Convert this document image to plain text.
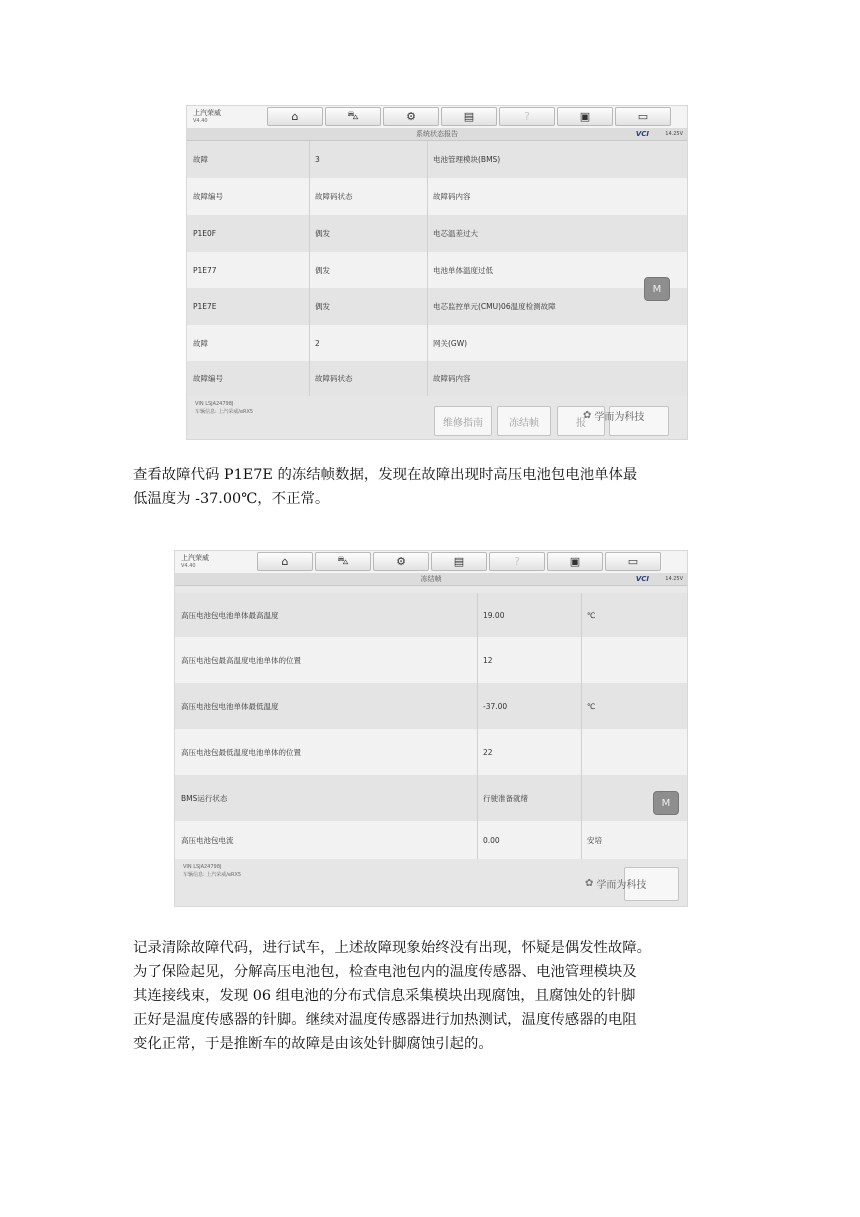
上汽荣威
V4.40	⌂	⛍	⚙	▤	?	▣	▭
系统状态报告	VCI	14.25V
故障	3	电池管理模块(BMS)
故障编号	故障码状态	故障码内容
P1E0F	偶发	电芯温差过大
P1E77	偶发	电池单体温度过低
P1E7E	偶发	电芯监控单元(CMU)06温度检测故障
故障	2	网关(GW)
故障编号	故障码状态	故障码内容
M
VIN LSJA24798J
车辆信息: 上汽荣威/eRX5
维修指南	冻结帧	报
✿ 学而为科技
查看故障代码 P1E7E 的冻结帧数据，发现在故障出现时高压电池包电池单体最
低温度为 -37.00℃，不正常。
上汽荣威
V4.40	⌂	⛍	⚙	▤	?	▣	▭
冻结帧	VCI	14.25V
高压电池包电池单体最高温度	19.00	℃
高压电池包最高温度电池单体的位置	12
高压电池包电池单体最低温度	-37.00	℃
高压电池包最低温度电池单体的位置	22
BMS运行状态	行驶准备就绪
高压电池包电流	0.00	安培
M
VIN LSJA24798J
车辆信息: 上汽荣威/eRX5
✿ 学而为科技
记录清除故障代码，进行试车，上述故障现象始终没有出现，怀疑是偶发性故障。
为了保险起见，分解高压电池包，检查电池包内的温度传感器、电池管理模块及
其连接线束，发现 06 组电池的分布式信息采集模块出现腐蚀，且腐蚀处的针脚
正好是温度传感器的针脚。继续对温度传感器进行加热测试，温度传感器的电阻
变化正常，于是推断车的故障是由该处针脚腐蚀引起的。
